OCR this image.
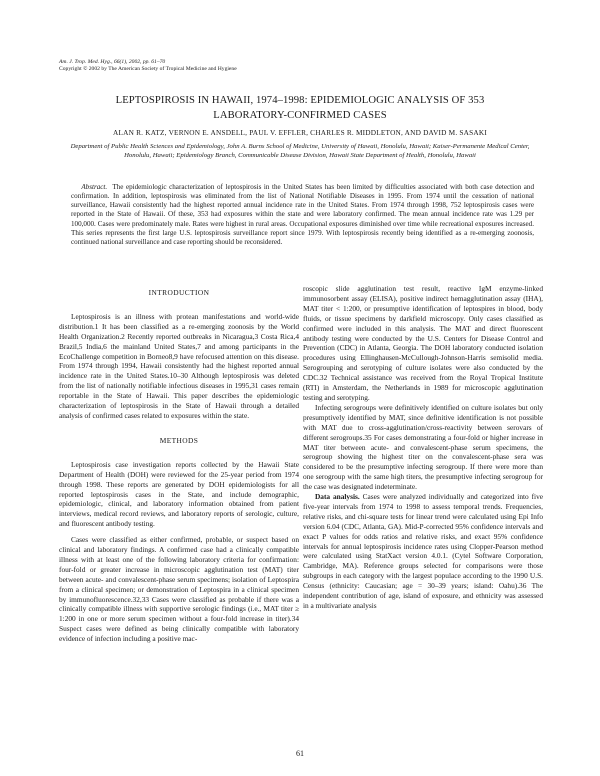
Am. J. Trop. Med. Hyg., 66(1), 2002, pp. 61–70
Copyright © 2002 by The American Society of Tropical Medicine and Hygiene
LEPTOSPIROSIS IN HAWAII, 1974–1998: EPIDEMIOLOGIC ANALYSIS OF 353
LABORATORY-CONFIRMED CASES
ALAN R. KATZ, VERNON E. ANSDELL, PAUL V. EFFLER, CHARLES R. MIDDLETON, AND DAVID M. SASAKI
Department of Public Health Sciences and Epidemiology, John A. Burns School of Medicine, University of Hawaii, Honolulu, Hawaii; Kaiser-Permanente Medical Center, Honolulu, Hawaii; Epidemiology Branch, Communicable Disease Division, Hawaii State Department of Health, Honolulu, Hawaii
Abstract. The epidemiologic characterization of leptospirosis in the United States has been limited by difficulties associated with both case detection and confirmation. In addition, leptospirosis was eliminated from the list of National Notifiable Diseases in 1995. From 1974 until the cessation of national surveillance, Hawaii consistently had the highest reported annual incidence rate in the United States. From 1974 through 1998, 752 leptospirosis cases were reported in the State of Hawaii. Of these, 353 had exposures within the state and were laboratory confirmed. The mean annual incidence rate was 1.29 per 100,000. Cases were predominately male. Rates were highest in rural areas. Occupational exposures diminished over time while recreational exposures increased. This series represents the first large U.S. leptospirosis surveillance report since 1979. With leptospirosis recently being identified as a re-emerging zoonosis, continued national surveillance and case reporting should be reconsidered.
INTRODUCTION

Leptospirosis is an illness with protean manifestations and world-wide distribution.1 It has been classified as a re-emerging zoonosis by the World Health Organization.2 Recently reported outbreaks in Nicaragua,3 Costa Rica,4 Brazil,5 India,6 the mainland United States,7 and among participants in the EcoChallenge competition in Borneo8,9 have refocused attention on this disease. From 1974 through 1994, Hawaii consistently had the highest reported annual incidence rate in the United States.10–30 Although leptospirosis was deleted from the list of nationally notifiable infectious diseases in 1995,31 cases remain reportable in the State of Hawaii. This paper describes the epidemiologic characterization of leptospirosis in the State of Hawaii through a detailed analysis of confirmed cases related to exposures within the state.

METHODS

Leptospirosis case investigation reports collected by the Hawaii State Department of Health (DOH) were reviewed for the 25-year period from 1974 through 1998. These reports are generated by DOH epidemiologists for all reported leptospirosis cases in the State, and include demographic, epidemiologic, clinical, and laboratory information obtained from patient interviews, medical record reviews, and laboratory reports of serologic, culture, and fluorescent antibody testing.

Cases were classified as either confirmed, probable, or suspect based on clinical and laboratory findings. A confirmed case had a clinically compatible illness with at least one of the following laboratory criteria for confirmation: four-fold or greater increase in microscopic agglutination test (MAT) titer between acute- and convalescent-phase serum specimens; isolation of Leptospira from a clinical specimen; or demonstration of Leptospira in a clinical specimen by immunofluorescence.32,33 Cases were classified as probable if there was a clinically compatible illness with supportive serologic findings (i.e., MAT titer ≥ 1:200 in one or more serum specimen without a four-fold increase in titer).34 Suspect cases were defined as being clinically compatible with laboratory evidence of infection including a positive mac-

roscopic slide agglutination test result, reactive IgM enzyme-linked immunosorbent assay (ELISA), positive indirect hemagglutination assay (IHA), MAT titer < 1:200, or presumptive identification of leptospires in blood, body fluids, or tissue specimens by darkfield microscopy. Only cases classified as confirmed were included in this analysis. The MAT and direct fluorescent antibody testing were conducted by the U.S. Centers for Disease Control and Prevention (CDC) in Atlanta, Georgia. The DOH laboratory conducted isolation procedures using Ellinghausen-McCullough-Johnson-Harris semisolid media. Serogrouping and serotyping of culture isolates were also conducted by the CDC.32 Technical assistance was received from the Royal Tropical Institute (RTI) in Amsterdam, the Netherlands in 1989 for microscopic agglutination testing and serotyping.

Infecting serogroups were definitively identified on culture isolates but only presumptively identified by MAT, since definitive identification is not possible with MAT due to cross-agglutination/cross-reactivity between serovars of different serogroups.35 For cases demonstrating a four-fold or higher increase in MAT titer between acute- and convalescent-phase serum specimens, the serogroup showing the highest titer on the convalescent-phase sera was considered to be the presumptive infecting serogroup. If there were more than one serogroup with the same high titers, the presumptive infecting serogroup for the case was designated indeterminate.

Data analysis. Cases were analyzed individually and categorized into five five-year intervals from 1974 to 1998 to assess temporal trends. Frequencies, relative risks, and chi-square tests for linear trend were calculated using Epi Info version 6.04 (CDC, Atlanta, GA). Mid-P-corrected 95% confidence intervals and exact P values for odds ratios and relative risks, and exact 95% confidence intervals for annual leptospirosis incidence rates using Clopper-Pearson method were calculated using StatXact version 4.0.1. (Cytel Software Corporation, Cambridge, MA). Reference groups selected for comparisons were those subgroups in each category with the largest populace according to the 1990 U.S. Census (ethnicity: Caucasian; age = 30–39 years; island: Oahu).36 The independent contribution of age, island of exposure, and ethnicity was assessed in a multivariate analysis

61
